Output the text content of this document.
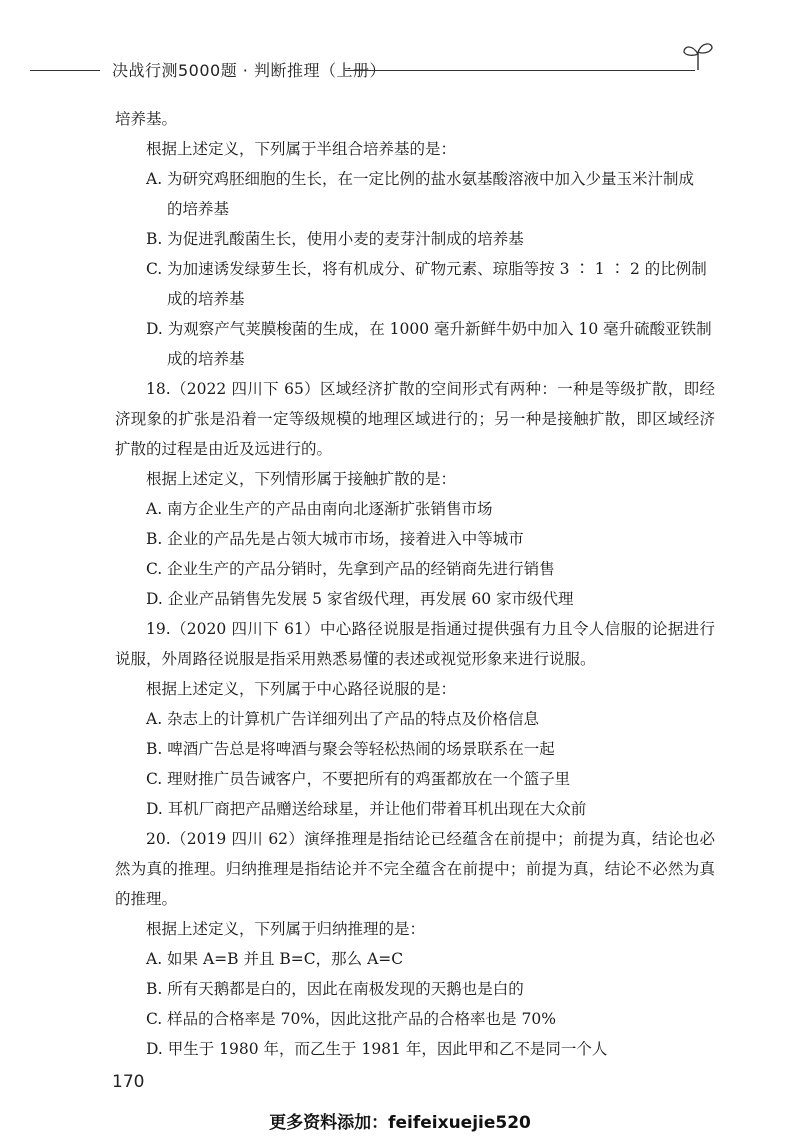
决战行测5000题 · 判断推理（上册）

培养基。

根据上述定义，下列属于半组合培养基的是：

A. 为研究鸡胚细胞的生长，在一定比例的盐水氨基酸溶液中加入少量玉米汁制成

的培养基

B. 为促进乳酸菌生长，使用小麦的麦芽汁制成的培养基

C. 为加速诱发绿萝生长，将有机成分、矿物元素、琼脂等按 3 ∶ 1 ∶ 2 的比例制

成的培养基

D. 为观察产气荚膜梭菌的生成，在 1000 毫升新鲜牛奶中加入 10 毫升硫酸亚铁制

成的培养基

18.（2022 四川下 65）区域经济扩散的空间形式有两种：一种是等级扩散，即经济现象的扩张是沿着一定等级规模的地理区域进行的；另一种是接触扩散，即区域经济扩散的过程是由近及远进行的。

根据上述定义，下列情形属于接触扩散的是：

A. 南方企业生产的产品由南向北逐渐扩张销售市场

B. 企业的产品先是占领大城市市场，接着进入中等城市

C. 企业生产的产品分销时，先拿到产品的经销商先进行销售

D. 企业产品销售先发展 5 家省级代理，再发展 60 家市级代理

19.（2020 四川下 61）中心路径说服是指通过提供强有力且令人信服的论据进行说服，外周路径说服是指采用熟悉易懂的表述或视觉形象来进行说服。

根据上述定义，下列属于中心路径说服的是：

A. 杂志上的计算机广告详细列出了产品的特点及价格信息

B. 啤酒广告总是将啤酒与聚会等轻松热闹的场景联系在一起

C. 理财推广员告诫客户，不要把所有的鸡蛋都放在一个篮子里

D. 耳机厂商把产品赠送给球星，并让他们带着耳机出现在大众前

20.（2019 四川 62）演绎推理是指结论已经蕴含在前提中；前提为真，结论也必然为真的推理。归纳推理是指结论并不完全蕴含在前提中；前提为真，结论不必然为真的推理。

根据上述定义，下列属于归纳推理的是：

A. 如果 A=B 并且 B=C，那么 A=C

B. 所有天鹅都是白的，因此在南极发现的天鹅也是白的

C. 样品的合格率是 70%，因此这批产品的合格率也是 70%

D. 甲生于 1980 年，而乙生于 1981 年，因此甲和乙不是同一个人

170
更多资料添加：feifeixuejie520
